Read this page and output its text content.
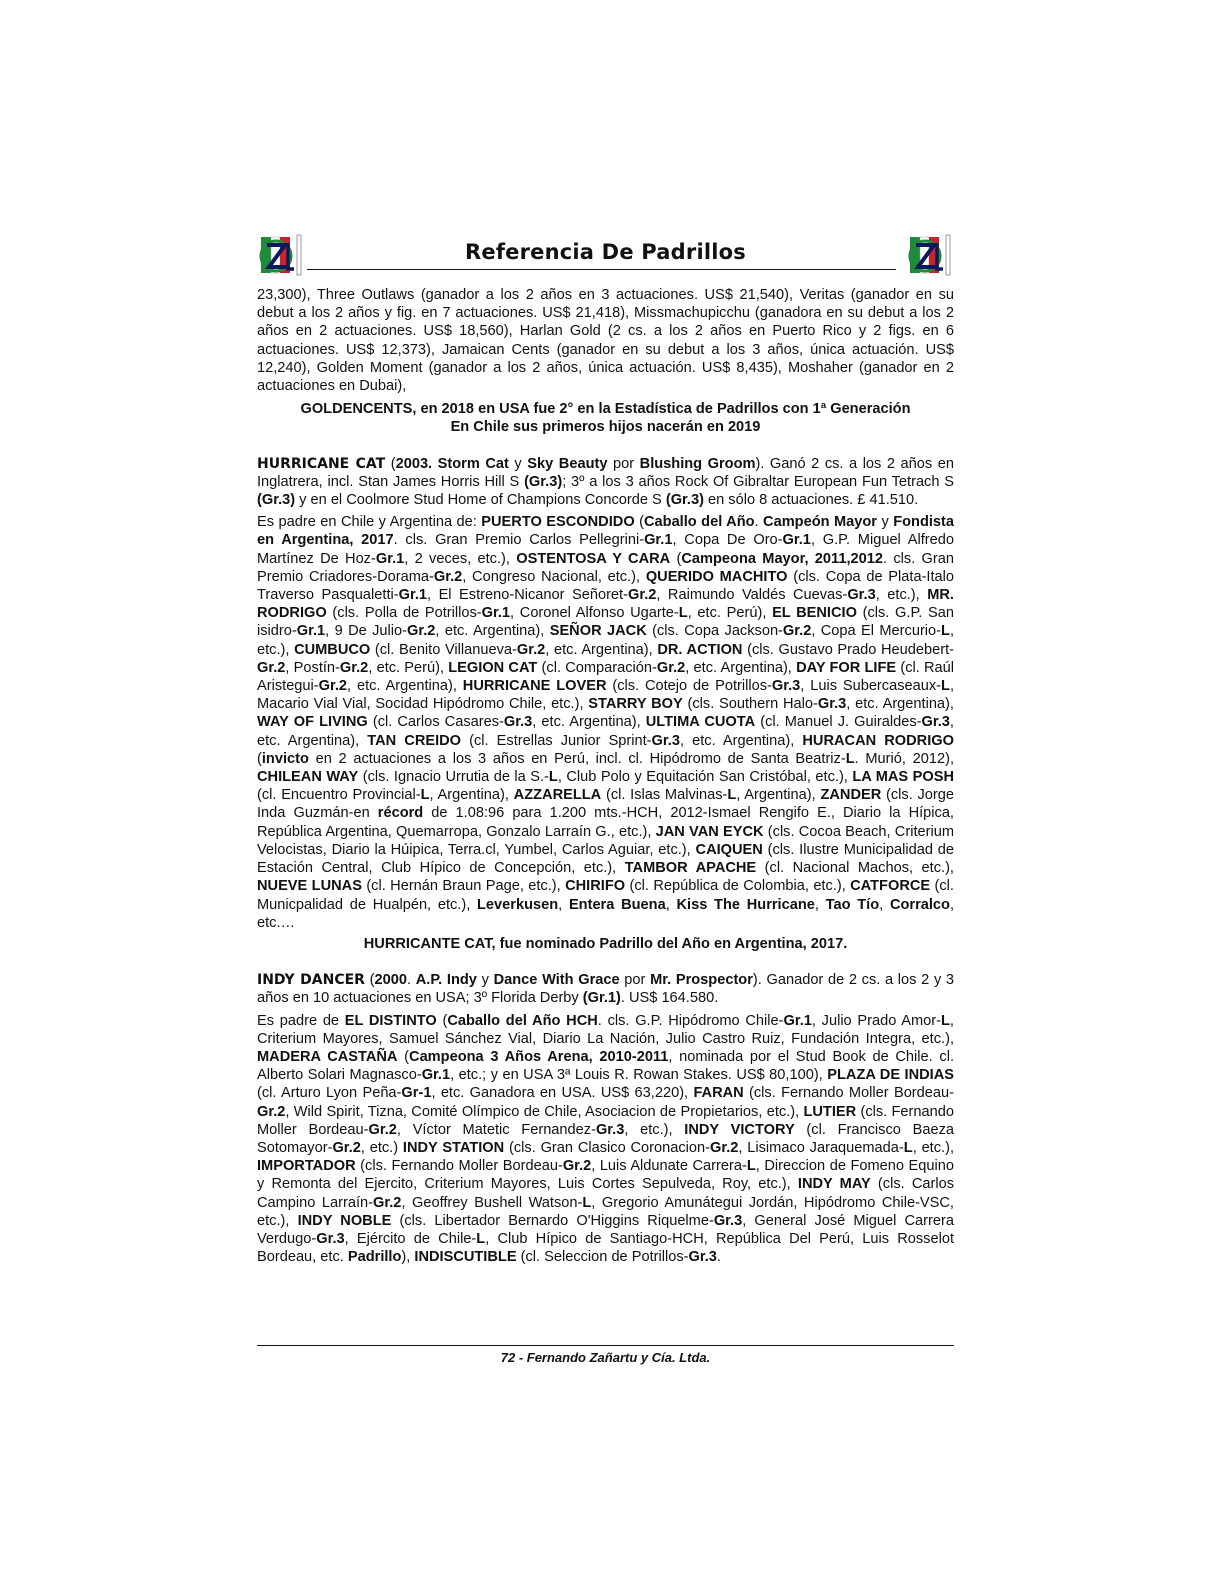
Referencia De Padrillos

23,300), Three Outlaws (ganador a los 2 años en 3 actuaciones. US$ 21,540), Veritas (ganador en su debut a los 2 años y fig. en 7 actuaciones. US$ 21,418), Missmachupicchu (ganadora en su debut a los 2 años en 2 actuaciones. US$ 18,560), Harlan Gold (2 cs. a los 2 años en Puerto Rico y 2 figs. en 6 actuaciones. US$ 12,373), Jamaican Cents (ganador en su debut a los 3 años, única actuación. US$ 12,240), Golden Moment (ganador a los 2 años, única actuación. US$ 8,435), Moshaher (ganador en 2 actuaciones en Dubai),

GOLDENCENTS, en 2018 en USA fue 2° en la Estadística de Padrillos con 1ª Generación

En Chile sus primeros hijos nacerán en 2019

HURRICANE CAT (2003. Storm Cat y Sky Beauty por Blushing Groom). Ganó 2 cs. a los 2 años en Inglatrera, incl. Stan James Horris Hill S (Gr.3); 3º a los 3 años Rock Of Gibraltar European Fun Tetrach S (Gr.3) y en el Coolmore Stud Home of Champions Concorde S (Gr.3) en sólo 8 actuaciones. £ 41.510.

Es padre en Chile y Argentina de: PUERTO ESCONDIDO (Caballo del Año. Campeón Mayor y Fondista en Argentina, 2017. cls. Gran Premio Carlos Pellegrini-Gr.1, Copa De Oro-Gr.1, G.P. Miguel Alfredo Martínez De Hoz-Gr.1, 2 veces, etc.), OSTENTOSA Y CARA (Campeona Mayor, 2011,2012. cls. Gran Premio Criadores-Dorama-Gr.2, Congreso Nacional, etc.), QUERIDO MACHITO (cls. Copa de Plata-Italo Traverso Pasqualetti-Gr.1, El Estreno-Nicanor Señoret-Gr.2, Raimundo Valdés Cuevas-Gr.3, etc.), MR. RODRIGO (cls. Polla de Potrillos-Gr.1, Coronel Alfonso Ugarte-L, etc. Perú), EL BENICIO (cls. G.P. San isidro-Gr.1, 9 De Julio-Gr.2, etc. Argentina), SEÑOR JACK (cls. Copa Jackson-Gr.2, Copa El Mercurio-L, etc.), CUMBUCO (cl. Benito Villanueva-Gr.2, etc. Argentina), DR. ACTION (cls. Gustavo Prado Heudebert-Gr.2, Postín-Gr.2, etc. Perú), LEGION CAT (cl. Comparación-Gr.2, etc. Argentina), DAY FOR LIFE (cl. Raúl Aristegui-Gr.2, etc. Argentina), HURRICANE LOVER (cls. Cotejo de Potrillos-Gr.3, Luis Subercaseaux-L, Macario Vial Vial, Socidad Hipódromo Chile, etc.), STARRY BOY (cls. Southern Halo-Gr.3, etc. Argentina), WAY OF LIVING (cl. Carlos Casares-Gr.3, etc. Argentina), ULTIMA CUOTA (cl. Manuel J. Guiraldes-Gr.3, etc. Argentina), TAN CREIDO (cl. Estrellas Junior Sprint-Gr.3, etc. Argentina), HURACAN RODRIGO (invicto en 2 actuaciones a los 3 años en Perú, incl. cl. Hipódromo de Santa Beatriz-L. Murió, 2012), CHILEAN WAY (cls. Ignacio Urrutia de la S.-L, Club Polo y Equitación San Cristóbal, etc.), LA MAS POSH (cl. Encuentro Provincial-L, Argentina), AZZARELLA (cl. Islas Malvinas-L, Argentina), ZANDER (cls. Jorge Inda Guzmán-en récord de 1.08:96 para 1.200 mts.-HCH, 2012-Ismael Rengifo E., Diario la Hípica, República Argentina, Quemarropa, Gonzalo Larraín G., etc.), JAN VAN EYCK (cls. Cocoa Beach, Criterium Velocistas, Diario la Húipica, Terra.cl, Yumbel, Carlos Aguiar, etc.), CAIQUEN (cls. Ilustre Municipalidad de Estación Central, Club Hípico de Concepción, etc.), TAMBOR APACHE (cl. Nacional Machos, etc.), NUEVE LUNAS (cl. Hernán Braun Page, etc.), CHIRIFO (cl. República de Colombia, etc.), CATFORCE (cl. Municpalidad de Hualpén, etc.), Leverkusen, Entera Buena, Kiss The Hurricane, Tao Tío, Corralco, etc.…

HURRICANTE CAT, fue nominado Padrillo del Año en Argentina, 2017.

INDY DANCER (2000. A.P. Indy y Dance With Grace por Mr. Prospector). Ganador de 2 cs. a los 2 y 3 años en 10 actuaciones en USA; 3º Florida Derby (Gr.1). US$ 164.580.

Es padre de EL DISTINTO (Caballo del Año HCH. cls. G.P. Hipódromo Chile-Gr.1, Julio Prado Amor-L, Criterium Mayores, Samuel Sánchez Vial, Diario La Nación, Julio Castro Ruiz, Fundación Integra, etc.), MADERA CASTAÑA (Campeona 3 Años Arena, 2010-2011, nominada por el Stud Book de Chile. cl. Alberto Solari Magnasco-Gr.1, etc.; y en USA 3ª Louis R. Rowan Stakes. US$ 80,100), PLAZA DE INDIAS (cl. Arturo Lyon Peña-Gr-1, etc. Ganadora en USA. US$ 63,220), FARAN (cls. Fernando Moller Bordeau-Gr.2, Wild Spirit, Tizna, Comité Olímpico de Chile, Asociacion de Propietarios, etc.), LUTIER (cls. Fernando Moller Bordeau-Gr.2, Víctor Matetic Fernandez-Gr.3, etc.), INDY VICTORY (cl. Francisco Baeza Sotomayor-Gr.2, etc.) INDY STATION (cls. Gran Clasico Coronacion-Gr.2, Lisimaco Jaraquemada-L, etc.), IMPORTADOR (cls. Fernando Moller Bordeau-Gr.2, Luis Aldunate Carrera-L, Direccion de Fomeno Equino y Remonta del Ejercito, Criterium Mayores, Luis Cortes Sepulveda, Roy, etc.), INDY MAY (cls. Carlos Campino Larraín-Gr.2, Geoffrey Bushell Watson-L, Gregorio Amunátegui Jordán, Hipódromo Chile-VSC, etc.), INDY NOBLE (cls. Libertador Bernardo O'Higgins Riquelme-Gr.3, General José Miguel Carrera Verdugo-Gr.3, Ejército de Chile-L, Club Hípico de Santiago-HCH, República Del Perú, Luis Rosselot Bordeau, etc. Padrillo), INDISCUTIBLE (cl. Seleccion de Potrillos-Gr.3.

72 - Fernando Zañartu y Cía. Ltda.
